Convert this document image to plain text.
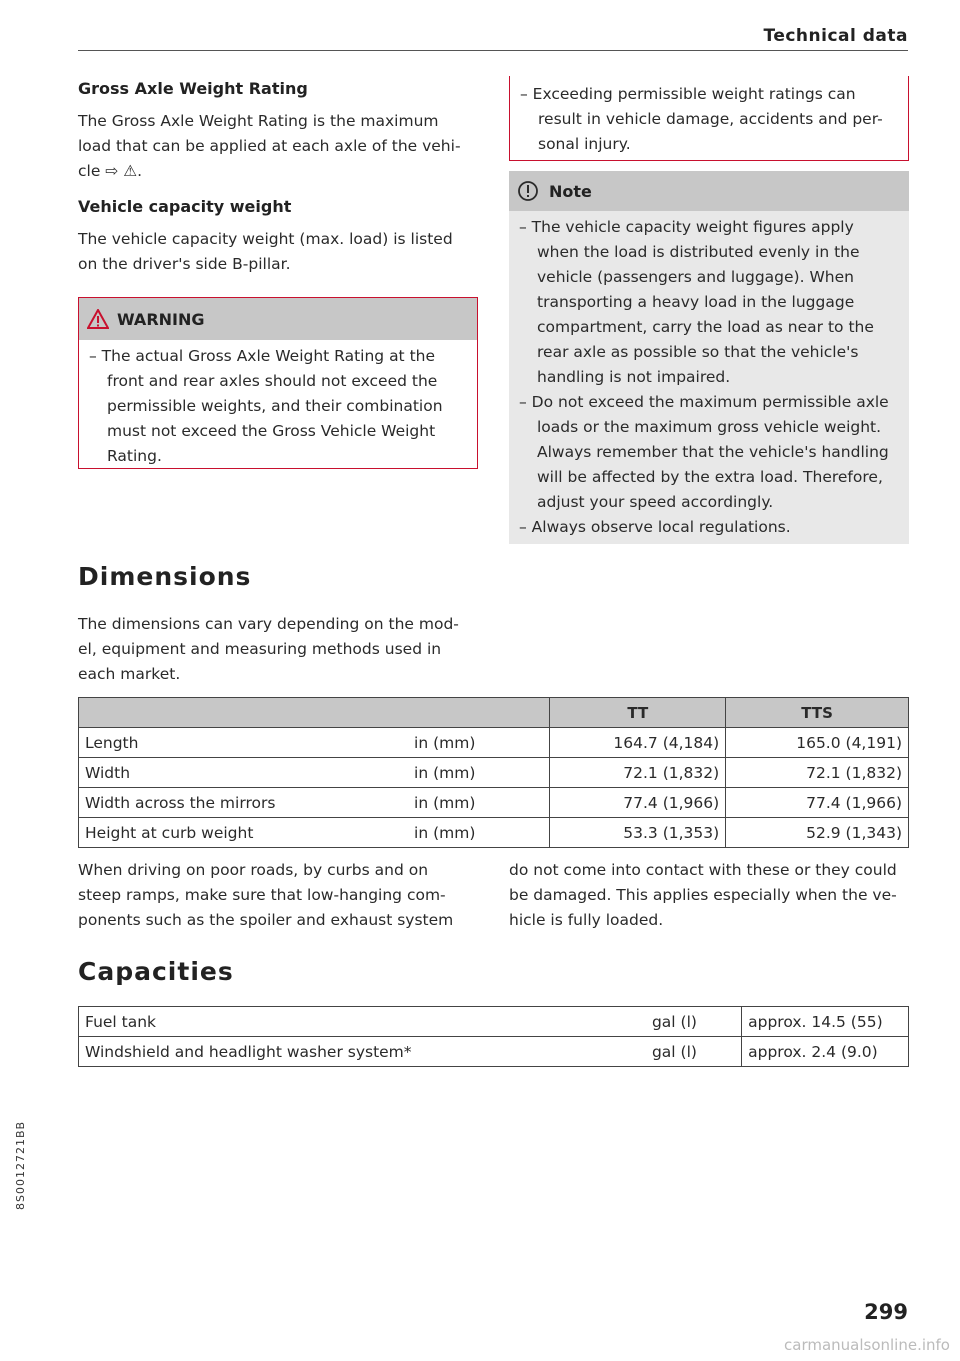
Technical data
Gross Axle Weight Rating

The Gross Axle Weight Rating is the maximum load that can be applied at each axle of the vehi- cle ⇨ ⚠.

Vehicle capacity weight

The vehicle capacity weight (max. load) is listed on the driver's side B-pillar.

WARNING
– The actual Gross Axle Weight Rating at the front and rear axles should not exceed the permissible weights, and their combination must not exceed the Gross Vehicle Weight Rating.
Dimensions
The dimensions can vary depending on the mod- el, equipment and measuring methods used in each market.
– Exceeding permissible weight ratings can result in vehicle damage, accidents and per- sonal injury.
Note
– The vehicle capacity weight figures apply when the load is distributed evenly in the vehicle (passengers and luggage). When transporting a heavy load in the luggage compartment, carry the load as near to the rear axle as possible so that the vehicle's handling is not impaired.
– Do not exceed the maximum permissible axle loads or the maximum gross vehicle weight. Always remember that the vehicle's handling will be affected by the extra load. Therefore, adjust your speed accordingly.
– Always observe local regulations.
		TT	TTS
Length	in (mm)	164.7 (4,184)	165.0 (4,191)
Width	in (mm)	72.1 (1,832)	72.1 (1,832)
Width across the mirrors	in (mm)	77.4 (1,966)	77.4 (1,966)
Height at curb weight	in (mm)	53.3 (1,353)	52.9 (1,343)
When driving on poor roads, by curbs and on steep ramps, make sure that low-hanging com- ponents such as the spoiler and exhaust system
do not come into contact with these or they could be damaged. This applies especially when the ve- hicle is fully loaded.
Capacities
Fuel tank	gal (l)	approx. 14.5 (55)
Windshield and headlight washer system*	gal (l)	approx. 2.4 (9.0)
8S0012721BB
299
carmanualsonline.info
